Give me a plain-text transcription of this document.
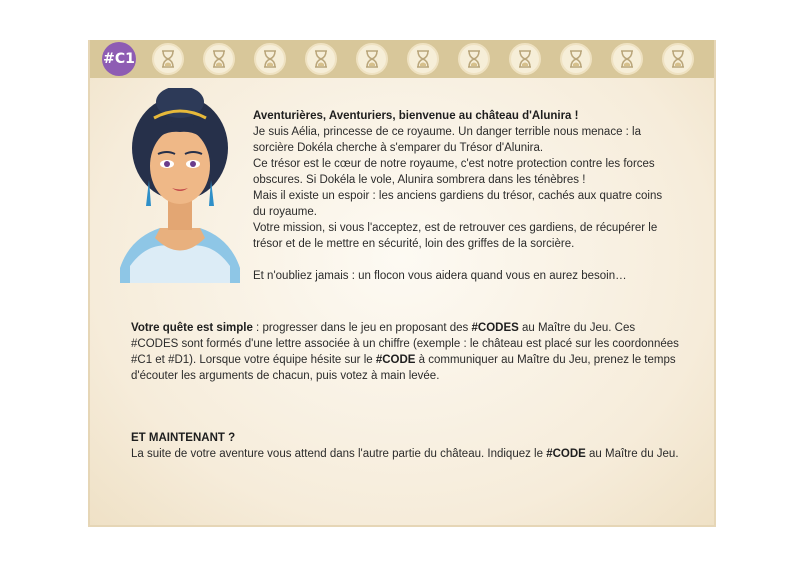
#C1

Aventurières, Aventuriers, bienvenue au château d'Alunira !

Je suis Aélia, princesse de ce royaume. Un danger terrible nous menace : la sorcière Dokéla cherche à s'emparer du Trésor d'Alunira.

Ce trésor est le cœur de notre royaume, c'est notre protection contre les forces obscures. Si Dokéla le vole, Alunira sombrera dans les ténèbres !

Mais il existe un espoir : les anciens gardiens du trésor, cachés aux quatre coins du royaume.

Votre mission, si vous l'acceptez, est de retrouver ces gardiens, de récupérer le trésor et de le mettre en sécurité, loin des griffes de la sorcière.

Et n'oubliez jamais : un flocon vous aidera quand vous en aurez besoin…

Votre quête est simple : progresser dans le jeu en proposant des #CODES au Maître du Jeu. Ces #CODES sont formés d'une lettre associée à un chiffre (exemple : le château est placé sur les coordonnées #C1 et #D1). Lorsque votre équipe hésite sur le #CODE à communiquer au Maître du Jeu, prenez le temps d'écouter les arguments de chacun, puis votez à main levée.

ET MAINTENANT ?

La suite de votre aventure vous attend dans l'autre partie du château. Indiquez le #CODE au Maître du Jeu.
